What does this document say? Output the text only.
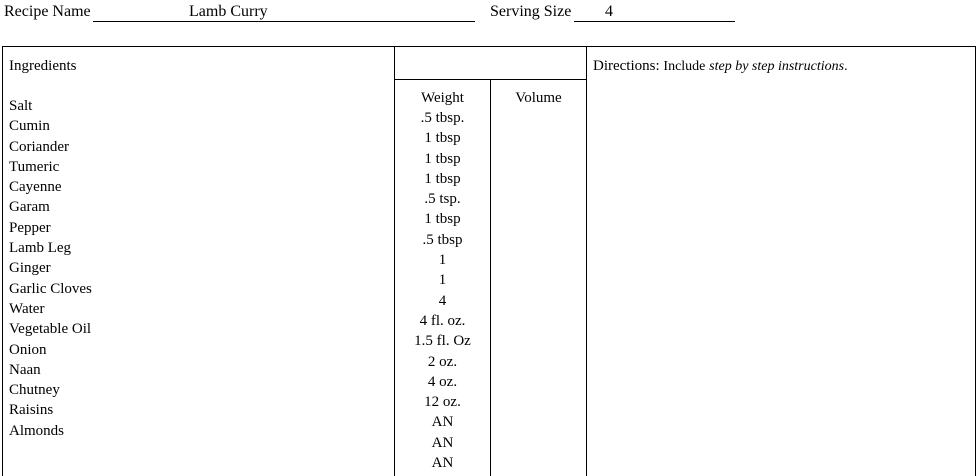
Recipe Name	Lamb Curry	Serving Size 4
Ingredients
Salt
Cumin
Coriander
Tumeric
Cayenne
Garam
Pepper
Lamb Leg
Ginger
Garlic Cloves
Water
Vegetable Oil
Onion
Naan
Chutney
Raisins
Almonds
Weight
.5 tbsp.
1 tbsp
1 tbsp
1 tbsp
.5 tsp.
1 tbsp
.5 tbsp
1
1
4
4 fl. oz.
1.5 fl. Oz
2 oz.
4 oz.
12 oz.
AN
AN
AN
Volume
Directions: Include step by step instructions.
